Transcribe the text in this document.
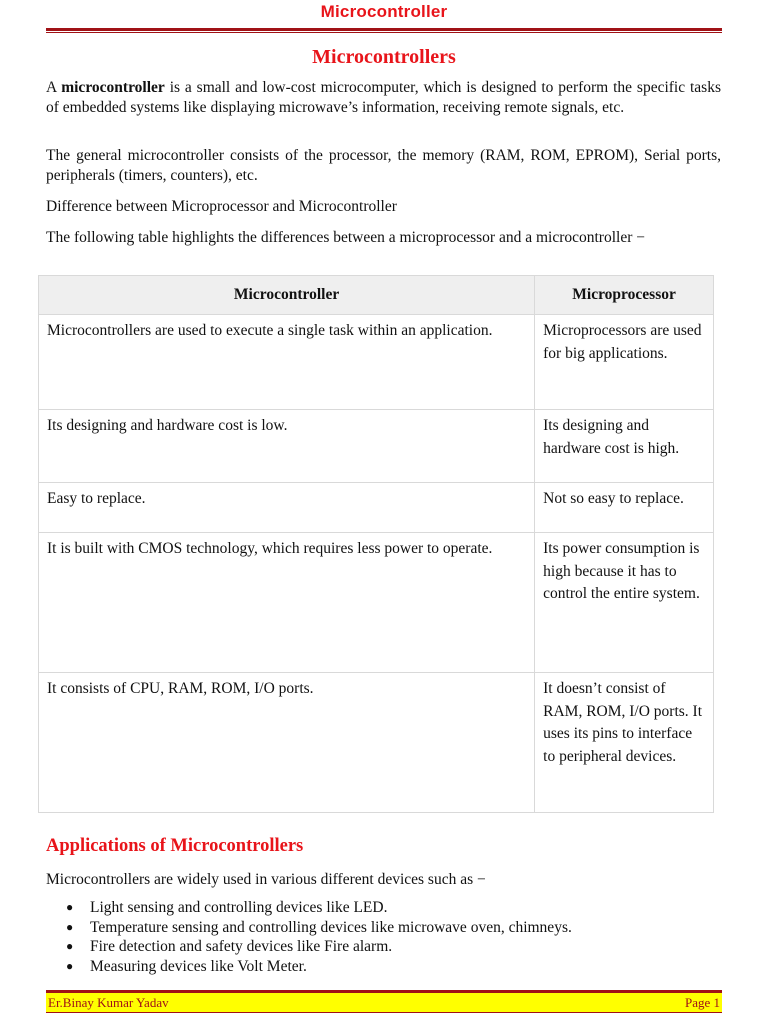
Microcontroller
Microcontrollers

A microcontroller is a small and low-cost microcomputer, which is designed to perform the specific tasks of embedded systems like displaying microwave’s information, receiving remote signals, etc.

The general microcontroller consists of the processor, the memory (RAM, ROM, EPROM), Serial ports, peripherals (timers, counters), etc.

Difference between Microprocessor and Microcontroller

The following table highlights the differences between a microprocessor and a microcontroller −

Microcontroller	Microprocessor
Microcontrollers are used to execute a single task within an application.	Microprocessors are used for big applications.
Its designing and hardware cost is low.	Its designing and hardware cost is high.
Easy to replace.	Not so easy to replace.
It is built with CMOS technology, which requires less power to operate.	Its power consumption is high because it has to control the entire system.
It consists of CPU, RAM, ROM, I/O ports.	It doesn’t consist of RAM, ROM, I/O ports. It uses its pins to interface to peripheral devices.
Applications of Microcontrollers

Microcontrollers are widely used in various different devices such as −

● Light sensing and controlling devices like LED.
● Temperature sensing and controlling devices like microwave oven, chimneys.
● Fire detection and safety devices like Fire alarm.
● Measuring devices like Volt Meter.
Er.Binay Kumar Yadav	Page 1
